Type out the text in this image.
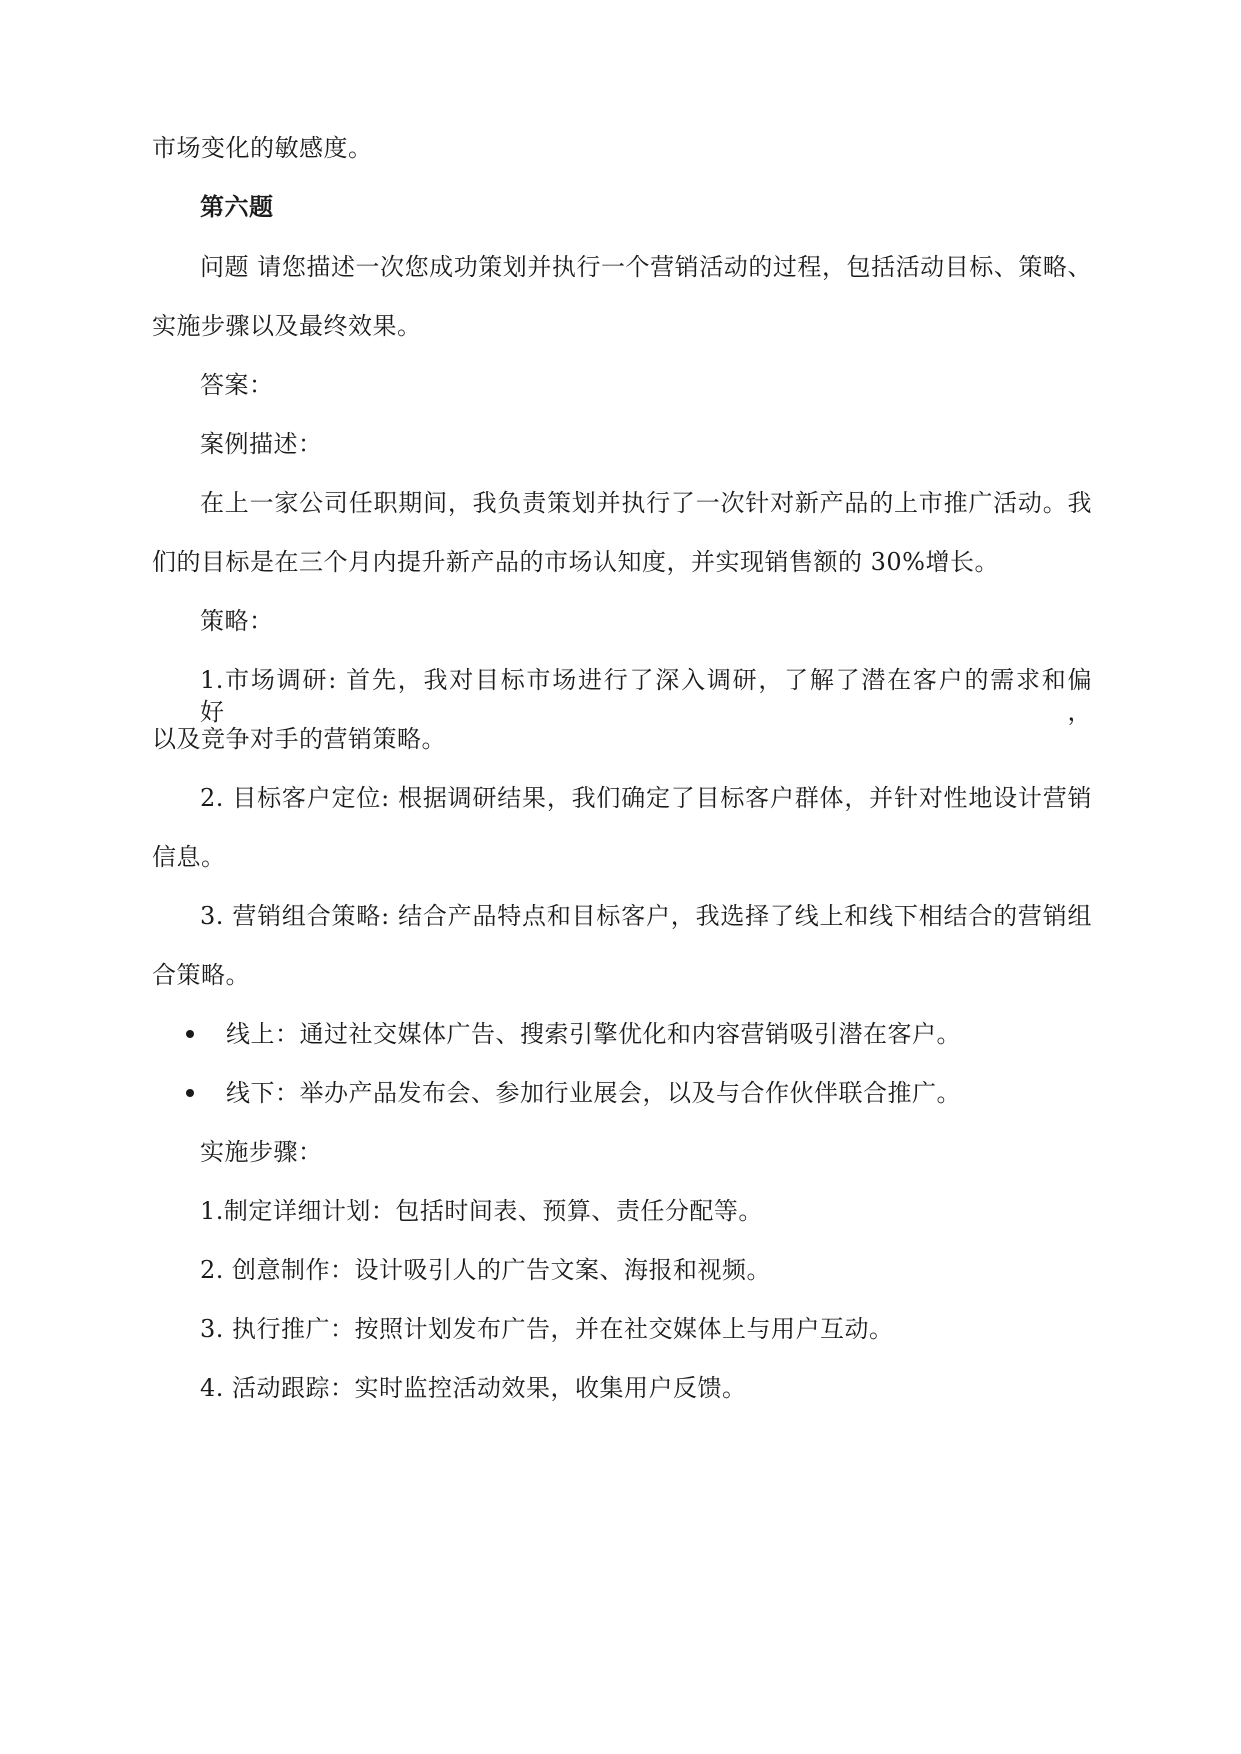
市场变化的敏感度。
第六题
问题 请您描述一次您成功策划并执行一个营销活动的过程，包括活动目标、策略、
实施步骤以及最终效果。
答案：
案例描述：
在上一家公司任职期间，我负责策划并执行了一次针对新产品的上市推广活动。我
们的目标是在三个月内提升新产品的市场认知度，并实现销售额的 30%增长。
策略：
1.市场调研: 首先，我对目标市场进行了深入调研，了解了潜在客户的需求和偏好，
以及竞争对手的营销策略。
2. 目标客户定位: 根据调研结果，我们确定了目标客户群体，并针对性地设计营销
信息。
3. 营销组合策略: 结合产品特点和目标客户，我选择了线上和线下相结合的营销组
合策略。
线上：通过社交媒体广告、搜索引擎优化和内容营销吸引潜在客户。
线下：举办产品发布会、参加行业展会，以及与合作伙伴联合推广。
实施步骤：
1.制定详细计划：包括时间表、预算、责任分配等。
2. 创意制作：设计吸引人的广告文案、海报和视频。
3. 执行推广：按照计划发布广告，并在社交媒体上与用户互动。
4. 活动跟踪：实时监控活动效果，收集用户反馈。
